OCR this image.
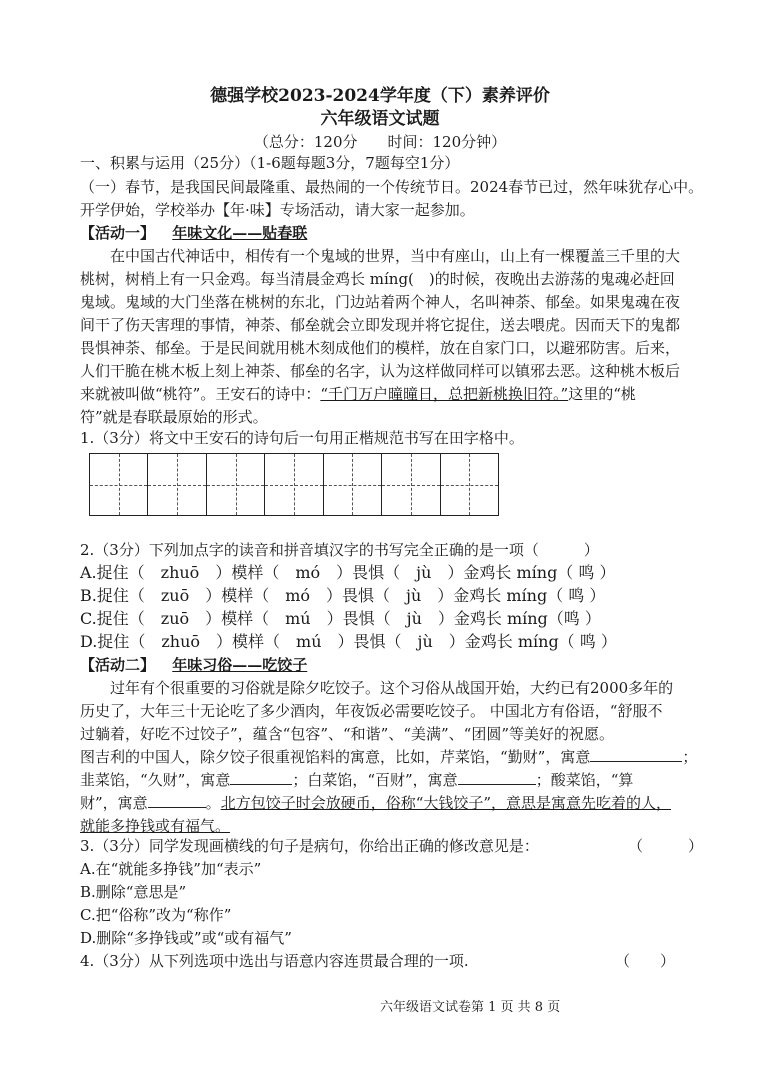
德强学校2023-2024学年度（下）素养评价
六年级语文试题
（总分：120分　　时间：120分钟）
一、积累与运用（25分）（1-6题每题3分，7题每空1分）
（一）春节，是我国民间最隆重、最热闹的一个传统节日。2024春节已过，然年味犹存心中。
开学伊始，学校举办【年·味】专场活动，请大家一起参加。
【活动一】 年味文化——贴春联
在中国古代神话中，相传有一个鬼域的世界，当中有座山，山上有一棵覆盖三千里的大
桃树，树梢上有一只金鸡。每当清晨金鸡长 míng(　)的时候，夜晚出去游荡的鬼魂必赶回
鬼域。鬼域的大门坐落在桃树的东北，门边站着两个神人，名叫神荼、郁垒。如果鬼魂在夜
间干了伤天害理的事情，神荼、郁垒就会立即发现并将它捉住，送去喂虎。因而天下的鬼都
畏惧神荼、郁垒。于是民间就用桃木刻成他们的模样，放在自家门口，以避邪防害。后来，
人们干脆在桃木板上刻上神荼、郁垒的名字，认为这样做同样可以镇邪去恶。这种桃木板后
来就被叫做“桃符”。王安石的诗中：“千门万户曈曈日，总把新桃换旧符。”这里的“桃
符”就是春联最原始的形式。
1.（3分）将文中王安石的诗句后一句用正楷规范书写在田字格中。
2.（3分）下列加点字的读音和拼音填汉字的书写完全正确的是一项（　　　）
A.捉住（　zhuō　）模样（　mó　）畏惧（　jù　）金鸡长 míng（ 鸣 ）
B.捉住（　zuō　）模样（　mó　）畏惧（　jù　）金鸡长 míng（ 鸣 ）
C.捉住（　zuō　）模样（　mú　）畏惧（　jù　）金鸡长 míng（鸣 ）
D.捉住（　zhuō　）模样（　mú　）畏惧（　jù　）金鸡长 míng（ 鸣 ）
【活动二】 年味习俗——吃饺子
过年有个很重要的习俗就是除夕吃饺子。这个习俗从战国开始，大约已有2000多年的
历史了，大年三十无论吃了多少酒肉，年夜饭必需要吃饺子。 中国北方有俗语，“舒服不
过躺着，好吃不过饺子”，蕴含“包容”、“和谐”、“美满”、“团圆”等美好的祝愿。
图吉利的中国人，除夕饺子很重视馅料的寓意，比如，芹菜馅，“勤财”，寓意	；
韭菜馅，“久财”，寓意	；白菜馅，“百财”，寓意	；酸菜馅，“算
财”，寓意	。北方包饺子时会放硬币，俗称“大钱饺子”，意思是寓意先吃着的人，
就能多挣钱或有福气。
3.（3分）同学发现画横线的句子是病句，你给出正确的修改意见是：	（　　　）
A.在“就能多挣钱”加“表示”
B.删除“意思是”
C.把“俗称”改为“称作”
D.删除“多挣钱或”或“或有福气”
4.（3分）从下列选项中选出与语意内容连贯最合理的一项.	（　　）
六年级语文试卷第 1 页 共 8 页
